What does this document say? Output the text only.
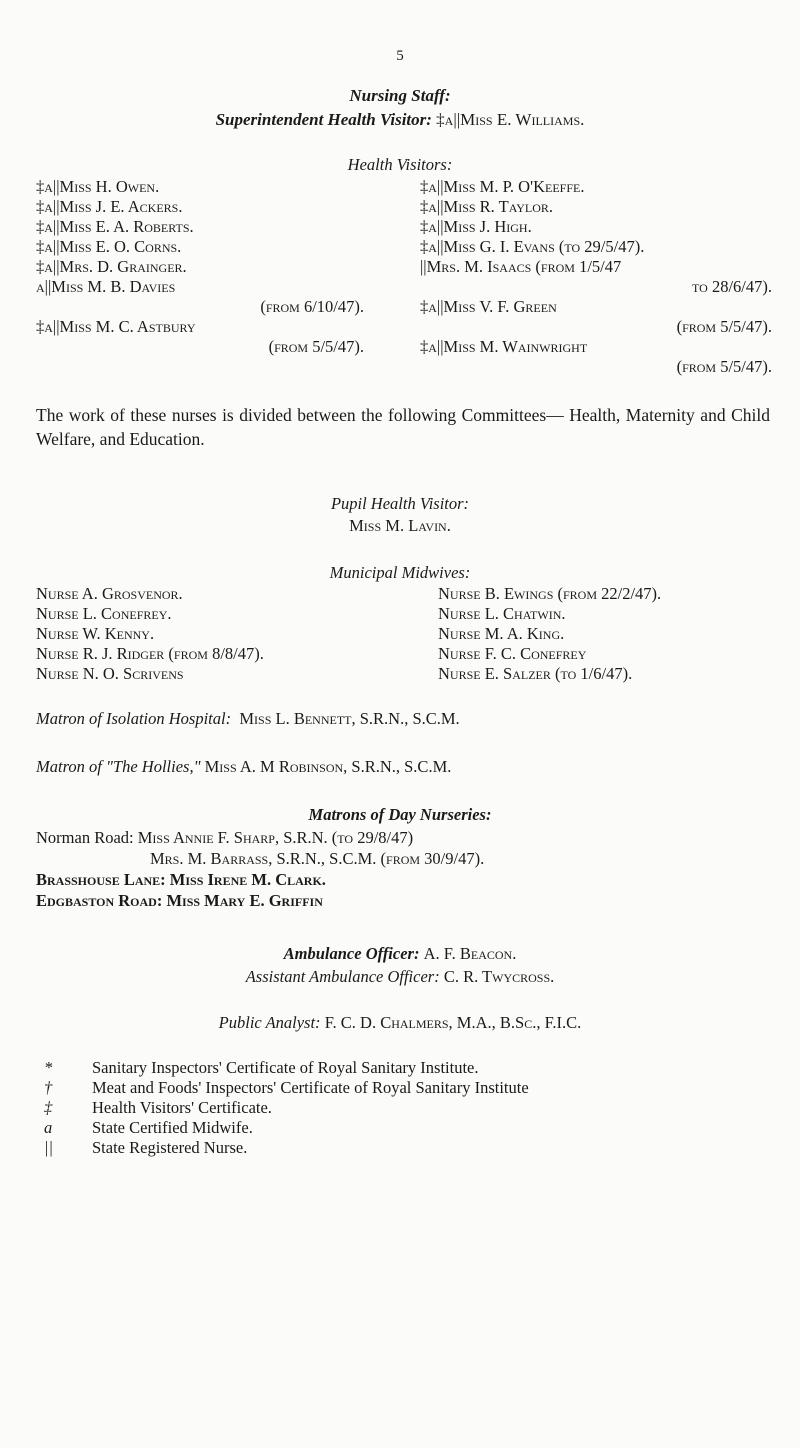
5
Nursing Staff:
Superintendent Health Visitor: ‡a||Miss E. Williams.
Health Visitors:
‡a||Miss H. Owen.
‡a||Miss J. E. Ackers.
‡a||Miss E. A. Roberts.
‡a||Miss E. O. Corns.
‡a||Mrs. D. Grainger.
a||Miss M. B. Davies
(from 6/10/47).
‡a||Miss M. C. Astbury
(from 5/5/47).
‡a||Miss M. P. O'Keeffe.
‡a||Miss R. Taylor.
‡a||Miss J. High.
‡a||Miss G. I. Evans (to 29/5/47).
||Mrs. M. Isaacs (from 1/5/47
to 28/6/47).
‡a||Miss V. F. Green
(from 5/5/47).
‡a||Miss M. Wainwright
(from 5/5/47).
The work of these nurses is divided between the following Committees— Health, Maternity and Child Welfare, and Education.
Pupil Health Visitor:
Miss M. Lavin.
Municipal Midwives:
Nurse A. Grosvenor.
Nurse L. Conefrey.
Nurse W. Kenny.
Nurse R. J. Ridger (from 8/8/47).
Nurse N. O. Scrivens
Nurse B. Ewings (from 22/2/47).
Nurse L. Chatwin.
Nurse M. A. King.
Nurse F. C. Conefrey
Nurse E. Salzer (to 1/6/47).
Matron of Isolation Hospital: Miss L. Bennett, S.R.N., S.C.M.
Matron of "The Hollies," Miss A. M Robinson, S.R.N., S.C.M.
Matrons of Day Nurseries:
Norman Road: Miss Annie F. Sharp, S.R.N. (to 29/8/47)
Mrs. M. Barrass, S.R.N., S.C.M. (from 30/9/47).
Brasshouse Lane: Miss Irene M. Clark.
Edgbaston Road: Miss Mary E. Griffin
Ambulance Officer: A. F. Beacon.
Assistant Ambulance Officer: C. R. Twycross.
Public Analyst: F. C. D. Chalmers, M.A., B.Sc., F.I.C.
* Sanitary Inspectors' Certificate of Royal Sanitary Institute.
† Meat and Foods' Inspectors' Certificate of Royal Sanitary Institute
‡ Health Visitors' Certificate.
a State Certified Midwife.
|| State Registered Nurse.
